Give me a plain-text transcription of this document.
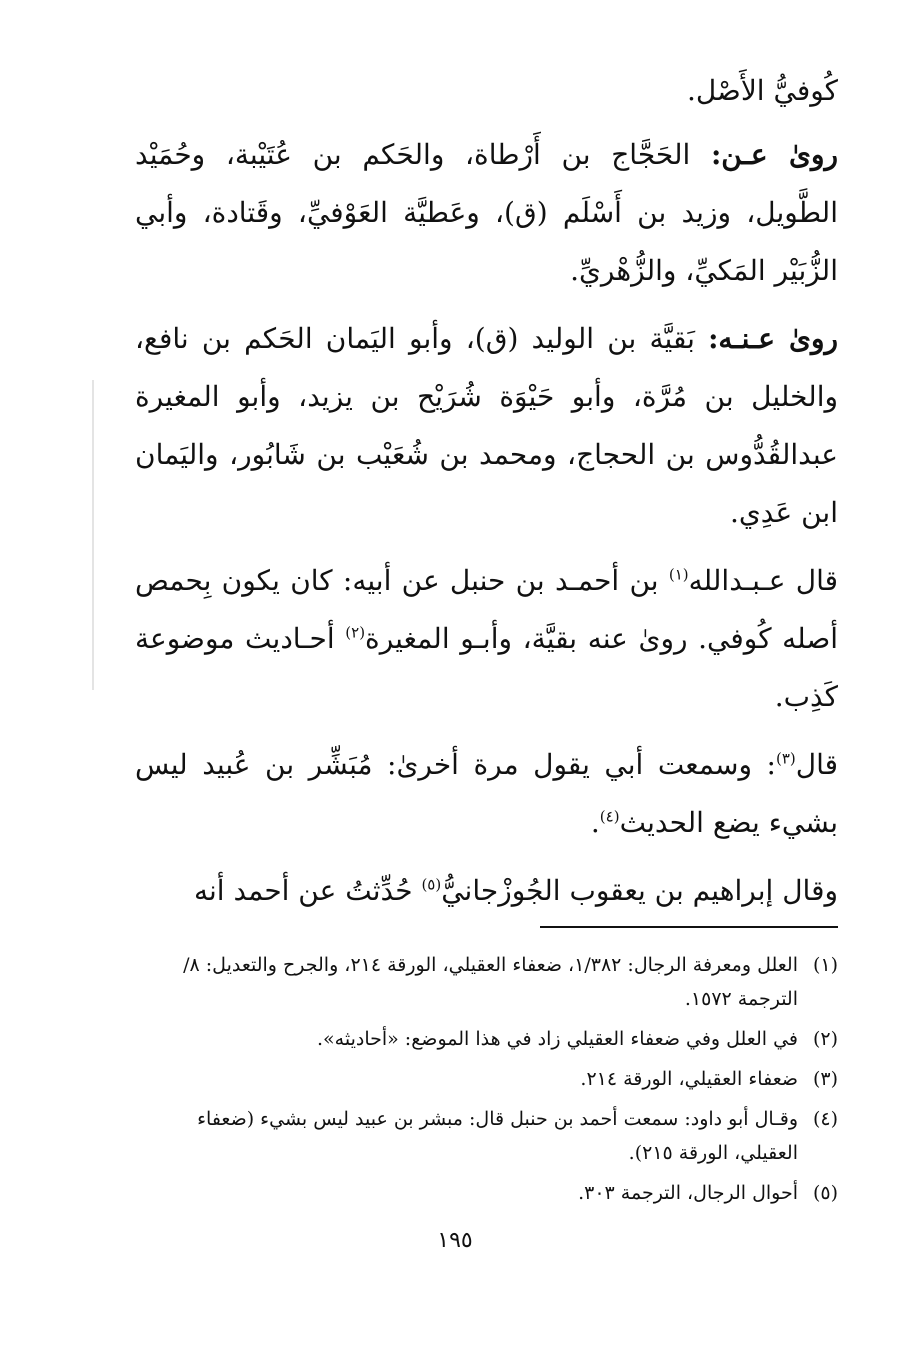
كُوفيُّ الأَصْل.

روىٰ عـن: الحَجَّاج بن أَرْطاة، والحَكم بن عُتَيْبة، وحُمَيْد الطَّويل، وزيد بن أَسْلَم (ق)، وعَطيَّة العَوْفيِّ، وقَتادة، وأبي الزُّبَيْر المَكيِّ، والزُّهْريِّ.

روىٰ عـنـه: بَقيَّة بن الوليد (ق)، وأبو اليَمان الحَكم بن نافع، والخليل بن مُرَّة، وأبو حَيْوَة شُرَيْح بن يزيد، وأبو المغيرة عبدالقُدُّوس بن الحجاج، ومحمد بن شُعَيْب بن شَابُور، واليَمان ابن عَدِي.

قال عـبـدالله$^{(١)}$ بن أحمـد بن حنبل عن أبيه: كان يكون بِحمص أصله كُوفي. روىٰ عنه بقيَّة، وأبـو المغيرة$^{(٢)}$ أحـاديث موضوعة كَذِب.

قال$^{(٣)}$: وسمعت أبي يقول مرة أخرىٰ: مُبَشِّر بن عُبيد ليس بشيء يضع الحديث$^{(٤)}$.

وقال إبراهيم بن يعقوب الجُوزْجانيُّ$^{(٥)}$ حُدِّثتُ عن أحمد أنه

(١)
العلل ومعرفة الرجال: ١/٣٨٢، ضعفاء العقيلي، الورقة ٢١٤، والجرح والتعديل: ٨/الترجمة ١٥٧٢.
(٢)
في العلل وفي ضعفاء العقيلي زاد في هذا الموضع: «أحاديثه».
(٣)
ضعفاء العقيلي، الورقة ٢١٤.
(٤)
وقـال أبو داود: سمعت أحمد بن حنبل قال: مبشر بن عبيد ليس بشيء (ضعفاء العقيلي، الورقة ٢١٥).
(٥)
أحوال الرجال، الترجمة ٣٠٣.
١٩٥
